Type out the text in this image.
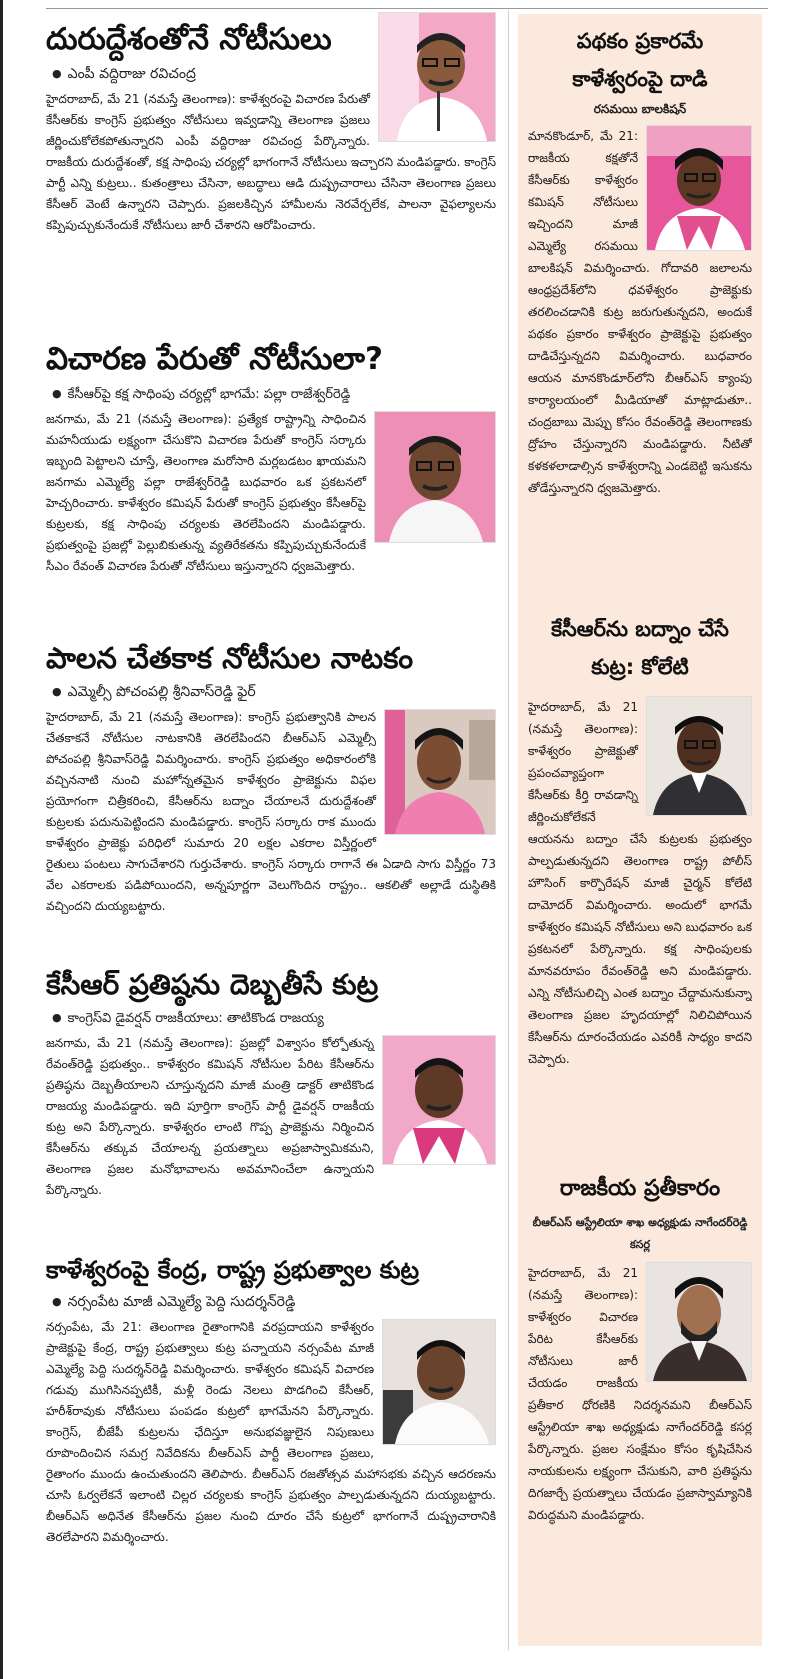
దురుద్దేశంతోనే నోటీసులు
● ఎంపీ వద్దిరాజు రవిచంద్ర
హైదరాబాద్, మే 21 (నమస్తే తెలంగాణ): కాళేశ్వరంపై విచారణ పేరుతో కేసీఆర్‌కు కాంగ్రెస్ ప్రభుత్వం నోటీసులు ఇవ్వడాన్ని తెలంగాణ ప్రజలు జీర్ణించుకోలేకపోతున్నారని ఎంపీ వద్దిరాజు రవిచంద్ర పేర్కొన్నారు. రాజకీయ దురుద్దేశంతో, కక్ష సాధింపు చర్యల్లో భాగంగానే నోటీసులు ఇచ్చారని మండిపడ్డారు. కాంగ్రెస్ పార్టీ ఎన్ని కుట్రలు.. కుతంత్రాలు చేసినా, అబద్ధాలు ఆడి దుష్ప్రచారాలు చేసినా తెలంగాణ ప్రజలు కేసీఆర్ వెంటే ఉన్నారని చెప్పారు. ప్రజలకిచ్చిన హామీలను నెరవేర్చలేక, పాలనా వైఫల్యాలను కప్పిపుచ్చుకునేందుకే నోటీసులు జారీ చేశారని ఆరోపించారు.
విచారణ పేరుతో నోటీసులా?
● కేసీఆర్‌పై కక్ష సాధింపు చర్యల్లో భాగమే: పల్లా రాజేశ్వర్‌రెడ్డి
జనగామ, మే 21 (నమస్తే తెలంగాణ): ప్రత్యేక రాష్ట్రాన్ని సాధించిన మహనీయుడు లక్ష్యంగా చేసుకొని విచారణ పేరుతో కాంగ్రెస్ సర్కారు ఇబ్బంది పెట్టాలని చూస్తే, తెలంగాణ మరోసారి మర్లబడటం ఖాయమని జనగామ ఎమ్మెల్యే పల్లా రాజేశ్వర్‌రెడ్డి బుధవారం ఒక ప్రకటనలో హెచ్చరించారు. కాళేశ్వరం కమిషన్ పేరుతో కాంగ్రెస్ ప్రభుత్వం కేసీఆర్‌పై కుట్రలకు, కక్ష సాధింపు చర్యలకు తెరలేపిందని మండిపడ్డారు. ప్రభుత్వంపై ప్రజల్లో పెల్లుబికుతున్న వ్యతిరేకతను కప్పిపుచ్చుకునేందుకే సీఎం రేవంత్ విచారణ పేరుతో నోటీసులు ఇస్తున్నారని ధ్వజమెత్తారు.
పాలన చేతకాక నోటీసుల నాటకం
● ఎమ్మెల్సీ పోచంపల్లి శ్రీనివాస్‌రెడ్డి ఫైర్
హైదరాబాద్, మే 21 (నమస్తే తెలంగాణ): కాంగ్రెస్ ప్రభుత్వానికి పాలన చేతకాకనే నోటీసుల నాటకానికి తెరలేపిందని బీఆర్‌ఎస్ ఎమ్మెల్సీ పోచంపల్లి శ్రీనివాస్‌రెడ్డి విమర్శించారు. కాంగ్రెస్ ప్రభుత్వం అధికారంలోకి వచ్చిననాటి నుంచి మహోన్నతమైన కాళేశ్వరం ప్రాజెక్టును విఫల ప్రయోగంగా చిత్రీకరించి, కేసీఆర్‌ను బద్నాం చేయాలనే దురుద్దేశంతో కుట్రలకు పదునుపెట్టిందని మండిపడ్డారు. కాంగ్రెస్ సర్కారు రాక ముందు కాళేశ్వరం ప్రాజెక్టు పరిధిలో సుమారు 20 లక్షల ఎకరాల విస్తీర్ణంలో రైతులు పంటలు సాగుచేశారని గుర్తుచేశారు. కాంగ్రెస్ సర్కారు రాగానే ఈ ఏడాది సాగు విస్తీర్ణం 73 వేల ఎకరాలకు పడిపోయిందని, అన్నపూర్ణగా వెలుగొందిన రాష్ట్రం.. ఆకలితో అల్లాడే దుస్థితికి వచ్చిందని దుయ్యబట్టారు.
కేసీఆర్ ప్రతిష్ఠను దెబ్బతీసే కుట్ర
● కాంగ్రెస్‌వి డైవర్షన్ రాజకీయాలు: తాటికొండ రాజయ్య
జనగామ, మే 21 (నమస్తే తెలంగాణ): ప్రజల్లో విశ్వాసం కోల్పోతున్న రేవంత్‌రెడ్డి ప్రభుత్వం.. కాళేశ్వరం కమిషన్ నోటీసుల పేరిట కేసీఆర్‌ను ప్రతిష్ఠను దెబ్బతీయాలని చూస్తున్నదని మాజీ మంత్రి డాక్టర్ తాటికొండ రాజయ్య మండిపడ్డారు. ఇది పూర్తిగా కాంగ్రెస్ పార్టీ డైవర్షన్ రాజకీయ కుట్ర అని పేర్కొన్నారు. కాళేశ్వరం లాంటి గొప్ప ప్రాజెక్టును నిర్మించిన కేసీఆర్‌ను తక్కువ చేయాలన్న ప్రయత్నాలు అప్రజాస్వామికమని, తెలంగాణ ప్రజల మనోభావాలను అవమానించేలా ఉన్నాయని పేర్కొన్నారు.
కాళేశ్వరంపై కేంద్ర, రాష్ట్ర ప్రభుత్వాల కుట్ర
● నర్సంపేట మాజీ ఎమ్మెల్యే పెద్ది సుదర్శన్‌రెడ్డి
నర్సంపేట, మే 21: తెలంగాణ రైతాంగానికి వరప్రదాయని కాళేశ్వరం ప్రాజెక్టుపై కేంద్ర, రాష్ట్ర ప్రభుత్వాలు కుట్ర పన్నాయని నర్సంపేట మాజీ ఎమ్మెల్యే పెద్ది సుదర్శన్‌రెడ్డి విమర్శించారు. కాళేశ్వరం కమిషన్ విచారణ గడువు ముగిసినప్పటికీ, మళ్లీ రెండు నెలలు పొడగించి కేసీఆర్, హరీశ్‌రావుకు నోటీసులు పంపడం కుట్రలో భాగమేనని పేర్కొన్నారు. కాంగ్రెస్, బీజేపీ కుట్రలను ఛేదిస్తూ అనుభవజ్ఞులైన నిపుణులు రూపొందించిన సమగ్ర నివేదికను బీఆర్‌ఎస్ పార్టీ తెలంగాణ ప్రజలు, రైతాంగం ముందు ఉంచుతుందని తెలిపారు. బీఆర్‌ఎస్ రజతోత్సవ మహాసభకు వచ్చిన ఆదరణను చూసి ఓర్వలేకనే ఇలాంటి చిల్లర చర్యలకు కాంగ్రెస్ ప్రభుత్వం పాల్పడుతున్నదని దుయ్యబట్టారు. బీఆర్‌ఎస్ అధినేత కేసీఆర్‌ను ప్రజల నుంచి దూరం చేసే కుట్రలో భాగంగానే దుష్ప్రచారానికి తెరలేపారని విమర్శించారు.
పథకం ప్రకారమే కాళేశ్వరంపై దాడి
రసమయి బాలకిషన్
మానకొండూర్, మే 21: రాజకీయ కక్షతోనే కేసీఆర్‌కు కాళేశ్వరం కమిషన్ నోటీసులు ఇచ్చిందని మాజీ ఎమ్మెల్యే రసమయి బాలకిషన్ విమర్శించారు. గోదావరి జలాలను ఆంధ్రప్రదేశ్‌లోని ధవళేశ్వరం ప్రాజెక్టుకు తరలించడానికి కుట్ర జరుగుతున్నదని, అందుకే పథకం ప్రకారం కాళేశ్వరం ప్రాజెక్టుపై ప్రభుత్వం దాడిచేస్తున్నదని విమర్శించారు. బుధవారం ఆయన మానకొండూర్‌లోని బీఆర్‌ఎస్ క్యాంపు కార్యాలయంలో మీడియాతో మాట్లాడుతూ.. చంద్రబాబు మెప్పు కోసం రేవంత్‌రెడ్డి తెలంగాణకు ద్రోహం చేస్తున్నారని మండిపడ్డారు. నీటితో కళకళలాడాల్సిన కాళేశ్వరాన్ని ఎండబెట్టి ఇసుకను తోడేస్తున్నారని ధ్వజమెత్తారు.
కేసీఆర్‌ను బద్నాం చేసే కుట్ర: కోలేటి
హైదరాబాద్, మే 21 (నమస్తే తెలంగాణ): కాళేశ్వరం ప్రాజెక్టుతో ప్రపంచవ్యాప్తంగా కేసీఆర్‌కు కీర్తి రావడాన్ని జీర్ణించుకోలేకనే ఆయనను బద్నాం చేసే కుట్రలకు ప్రభుత్వం పాల్పడుతున్నదని తెలంగాణ రాష్ట్ర పోలీస్ హౌసింగ్ కార్పొరేషన్ మాజీ చైర్మన్ కోలేటి దామోదర్ విమర్శించారు. అందులో భాగమే కాళేశ్వరం కమిషన్ నోటీసులు అని బుధవారం ఒక ప్రకటనలో పేర్కొన్నారు. కక్ష సాధింపులకు మానవరూపం రేవంత్‌రెడ్డి అని మండిపడ్డారు. ఎన్ని నోటీసులిచ్చి ఎంత బద్నాం చేద్దామనుకున్నా తెలంగాణ ప్రజల హృదయాల్లో నిలిచిపోయిన కేసీఆర్‌ను దూరంచేయడం ఎవరికీ సాధ్యం కాదని చెప్పారు.
రాజకీయ ప్రతీకారం
బీఆర్‌ఎస్ ఆస్ట్రేలియా శాఖ అధ్యక్షుడు నాగేందర్‌రెడ్డి కసర్ల
హైదరాబాద్, మే 21 (నమస్తే తెలంగాణ): కాళేశ్వరం విచారణ పేరిట కేసీఆర్‌కు నోటీసులు జారీ చేయడం రాజకీయ ప్రతీకార ధోరణికి నిదర్శనమని బీఆర్‌ఎస్ ఆస్ట్రేలియా శాఖ అధ్యక్షుడు నాగేందర్‌రెడ్డి కసర్ల పేర్కొన్నారు. ప్రజల సంక్షేమం కోసం కృషిచేసిన నాయకులను లక్ష్యంగా చేసుకుని, వారి ప్రతిష్ఠను దిగజార్చే ప్రయత్నాలు చేయడం ప్రజాస్వామ్యానికి విరుద్ధమని మండిపడ్డారు.
